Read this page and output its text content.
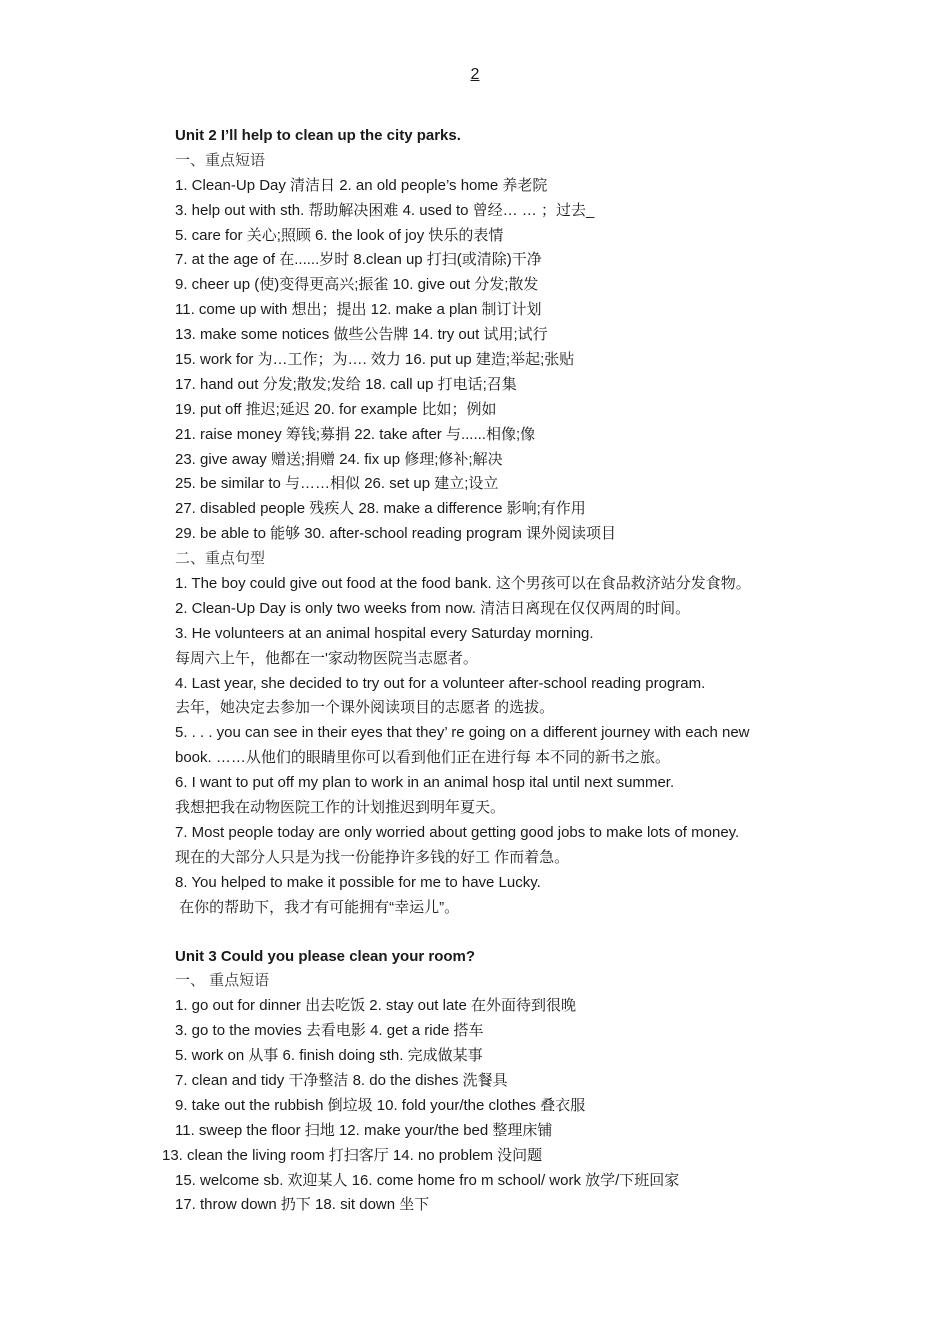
2
Unit 2 I’ll help to clean up the city parks.
一、重点短语
1. Clean-Up Day 清洁日 2. an old people’s home 养老院
3. help out with sth. 帮助解决困难 4. used to 曾经… … ；过去_
5. care for 关心;照顾 6. the look of joy 快乐的表情
7. at the age of 在......岁时 8.clean up 打扫(或清除)干净
9. cheer up (使)变得更高兴;振雀 10. give out 分发;散发
11. come up with 想出；提出 12. make a plan 制订计划
13. make some notices 做些公告牌 14. try out 试用;试行
15. work for 为…工作；为…. 效力 16. put up 建造;举起;张贴
17. hand out 分发;散发;发给 18. call up 打电话;召集
19. put off 推迟;延迟 20. for example 比如；例如
21. raise money 筹钱;募捐 22. take after 与......相像;像
23. give away 赠送;捐赠 24. fix up 修理;修补;解决
25. be similar to 与……相似 26. set up 建立;设立
27. disabled people 残疾人 28. make a difference 影响;有作用
29. be able to 能够 30. after-school reading program 课外阅读项目
二、重点句型
1. The boy could give out food at the food bank. 这个男孩可以在食品救济站分发食物。
2. Clean-Up Day is only two weeks from now. 清洁日离现在仅仅两周的时间。
3. He volunteers at an animal hospital every Saturday morning.
每周六上午，他都在一'家动物医院当志愿者。
4. Last year, she decided to try out for a volunteer after-school reading program.
去年，她决定去参加一个课外阅读项目的志愿者 的选拔。
5. . . . you can see in their eyes that they’ re going on a different journey with each new
book. ……从他们的眼睛里你可以看到他们正在进行每 本不同的新书之旅。
6. I want to put off my plan to work in an animal hosp ital until next summer.
我想把我在动物医院工作的计划推迟到明年夏天。
7. Most people today are only worried about getting good jobs to make lots of money.
现在的大部分人只是为找一份能挣许多钱的好工 作而着急。
8. You helped to make it possible for me to have Lucky.
在你的帮助下，我才有可能拥有“幸运儿”。
Unit 3 Could you please clean your room?
一、 重点短语
1. go out for dinner 出去吃饭 2. stay out late 在外面待到很晚
3. go to the movies 去看电影 4. get a ride 搭车
5. work on 从事 6. finish doing sth. 完成做某事
7. clean and tidy 干净整洁 8. do the dishes 洗餐具
9. take out the rubbish 倒垃圾 10. fold your/the clothes 叠衣服
11. sweep the floor 扫地 12. make your/the bed 整理床铺
13. clean the living room 打扫客厅 14. no problem 没问题
15. welcome sb. 欢迎某人 16. come home fro m school/ work 放学/下班回家
17. throw down 扔下 18. sit down 坐下
